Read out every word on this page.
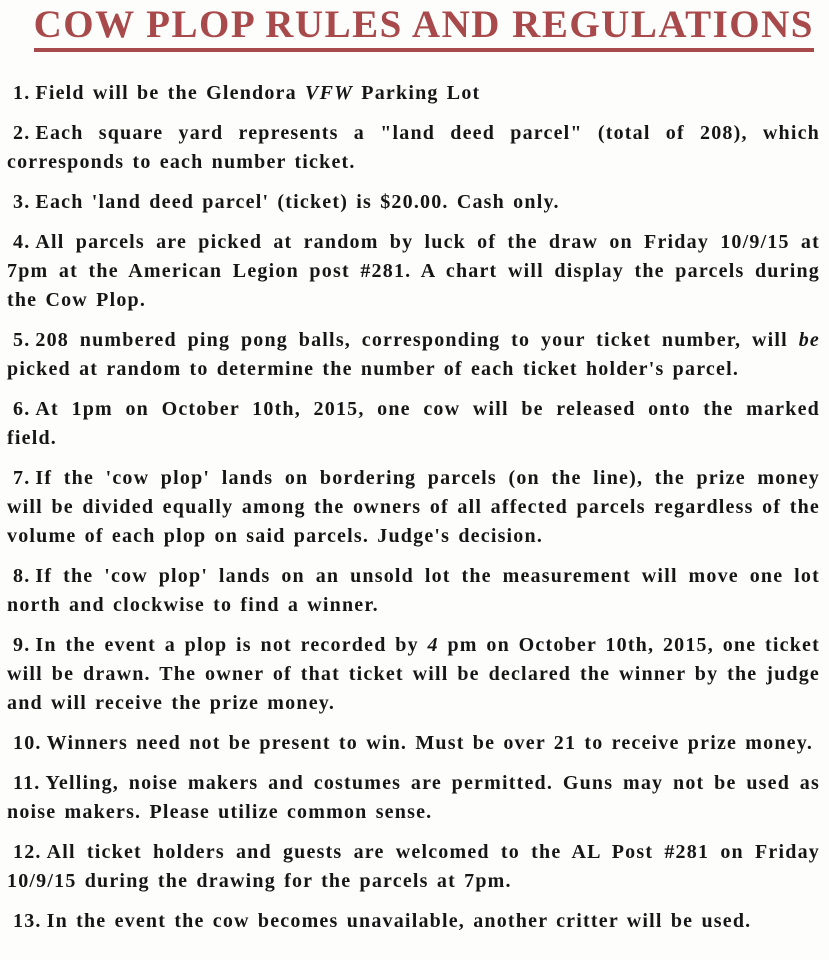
COW PLOP RULES AND REGULATIONS

1. Field will be the Glendora VFW Parking Lot

2. Each square yard represents a "land deed parcel" (total of 208), which corresponds to each number ticket.

3. Each 'land deed parcel' (ticket) is $20.00. Cash only.

4. All parcels are picked at random by luck of the draw on Friday 10/9/15 at 7pm at the American Legion post #281. A chart will display the parcels during the Cow Plop.

5. 208 numbered ping pong balls, corresponding to your ticket number, will be picked at random to determine the number of each ticket holder's parcel.

6. At 1pm on October 10th, 2015, one cow will be released onto the marked field.

7. If the 'cow plop' lands on bordering parcels (on the line), the prize money will be divided equally among the owners of all affected parcels regardless of the volume of each plop on said parcels. Judge's decision.

8. If the 'cow plop' lands on an unsold lot the measurement will move one lot north and clockwise to find a winner.

9. In the event a plop is not recorded by 4 pm on October 10th, 2015, one ticket will be drawn. The owner of that ticket will be declared the winner by the judge and will receive the prize money.

10. Winners need not be present to win. Must be over 21 to receive prize money.

11. Yelling, noise makers and costumes are permitted. Guns may not be used as noise makers. Please utilize common sense.

12. All ticket holders and guests are welcomed to the AL Post #281 on Friday 10/9/15 during the drawing for the parcels at 7pm.

13. In the event the cow becomes unavailable, another critter will be used.
